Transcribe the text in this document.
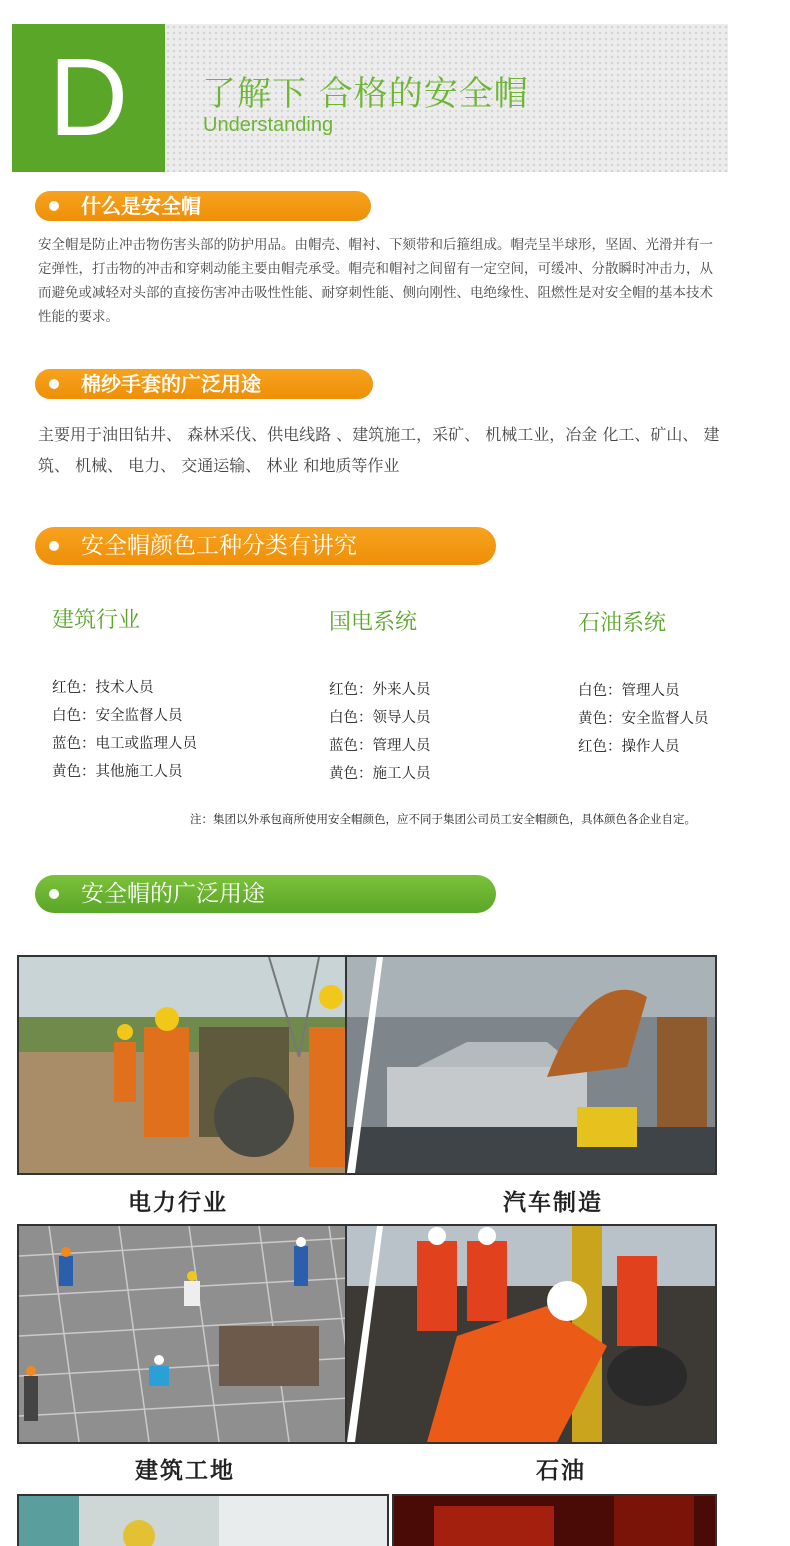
D	了解下 合格的安全帽
Understanding
什么是安全帽
安全帽是防止冲击物伤害头部的防护用品。由帽壳、帽衬、下颏带和后箍组成。帽壳呈半球形，坚固、光滑并有一定弹性，打击物的冲击和穿刺动能主要由帽壳承受。帽壳和帽衬之间留有一定空间，可缓冲、分散瞬时冲击力，从而避免或减轻对头部的直接伤害冲击吸性性能、耐穿刺性能、侧向刚性、电绝缘性、阻燃性是对安全帽的基本技术性能的要求。
棉纱手套的广泛用途
主要用于油田钻井、 森林采伐、供电线路 、建筑施工，采矿、 机械工业，冶金 化工、矿山、 建筑、 机械、 电力、 交通运输、 林业 和地质等作业
安全帽颜色工种分类有讲究
建筑行业
红色：技术人员
白色：安全监督人员
蓝色：电工或监理人员
黄色：其他施工人员
国电系统
红色：外来人员
白色：领导人员
蓝色：管理人员
黄色：施工人员
石油系统
白色：管理人员
黄色：安全监督人员
红色：操作人员
注：集团以外承包商所使用安全帽颜色，应不同于集团公司员工安全帽颜色，具体颜色各企业自定。
安全帽的广泛用途
电力行业	汽车制造
建筑工地	石油
